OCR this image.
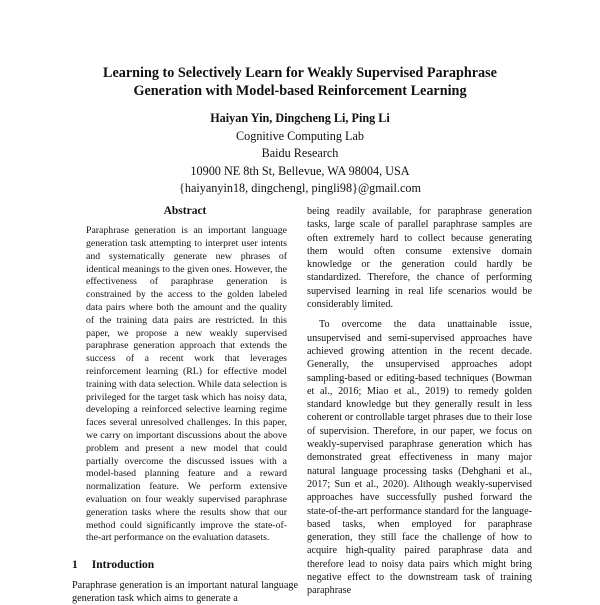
Learning to Selectively Learn for Weakly Supervised Paraphrase
Generation with Model-based Reinforcement Learning
Haiyan Yin, Dingcheng Li, Ping Li
Cognitive Computing Lab
Baidu Research
10900 NE 8th St, Bellevue, WA 98004, USA
{haiyanyin18, dingchengl, pingli98}@gmail.com
Abstract

Paraphrase generation is an important language generation task attempting to interpret user intents and systematically generate new phrases of identical meanings to the given ones. However, the effectiveness of paraphrase generation is constrained by the access to the golden labeled data pairs where both the amount and the quality of the training data pairs are restricted. In this paper, we propose a new weakly supervised paraphrase generation approach that extends the success of a recent work that leverages reinforcement learning (RL) for effective model training with data selection. While data selection is privileged for the target task which has noisy data, developing a reinforced selective learning regime faces several unresolved challenges. In this paper, we carry on important discussions about the above problem and present a new model that could partially overcome the discussed issues with a model-based planning feature and a reward normalization feature. We perform extensive evaluation on four weakly supervised paraphrase generation tasks where the results show that our method could significantly improve the state-of-the-art performance on the evaluation datasets.

1 Introduction

Paraphrase generation is an important natural language generation task which aims to generate a

being readily available, for paraphrase generation tasks, large scale of parallel paraphrase samples are often extremely hard to collect because generating them would often consume extensive domain knowledge or the generation could hardly be standardized. Therefore, the chance of performing supervised learning in real life scenarios would be considerably limited.

To overcome the data unattainable issue, unsupervised and semi-supervised approaches have achieved growing attention in the recent decade. Generally, the unsupervised approaches adopt sampling-based or editing-based techniques (Bowman et al., 2016; Miao et al., 2019) to remedy golden standard knowledge but they generally result in less coherent or controllable target phrases due to their lose of supervision. Therefore, in our paper, we focus on weakly-supervised paraphrase generation which has demonstrated great effectiveness in many major natural language processing tasks (Dehghani et al., 2017; Sun et al., 2020). Although weakly-supervised approaches have successfully pushed forward the state-of-the-art performance standard for the language-based tasks, when employed for paraphrase generation, they still face the challenge of how to acquire high-quality paired paraphrase data and therefore lead to noisy data pairs which might bring negative effect to the downstream task of training paraphrase
